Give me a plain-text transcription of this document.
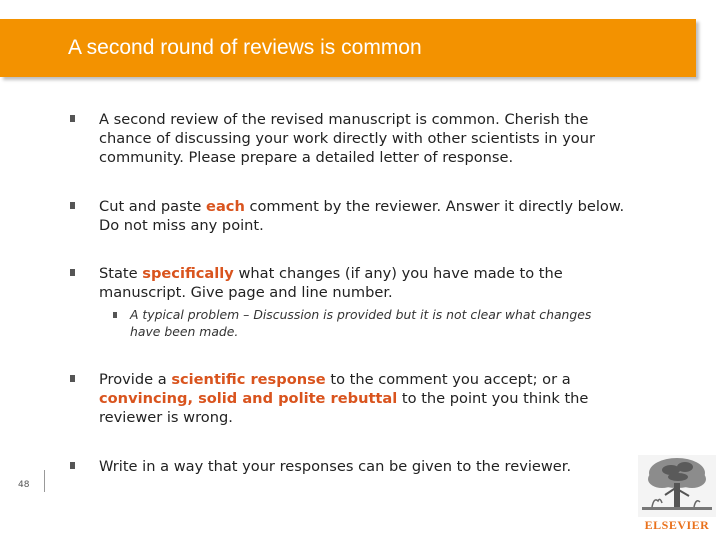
A second round of reviews is common
A second review of the revised manuscript is common. Cherish the chance of discussing your work directly with other scientists in your community. Please prepare a detailed letter of response.
Cut and paste each comment by the reviewer. Answer it directly below. Do not miss any point.
State specifically what changes (if any) you have made to the manuscript. Give page and line number.
A typical problem – Discussion is provided but it is not clear what changes have been made.
Provide a scientific response to the comment you accept; or a convincing, solid and polite rebuttal to the point you think the reviewer is wrong.
Write in a way that your responses can be given to the reviewer.
48
ELSEVIER
